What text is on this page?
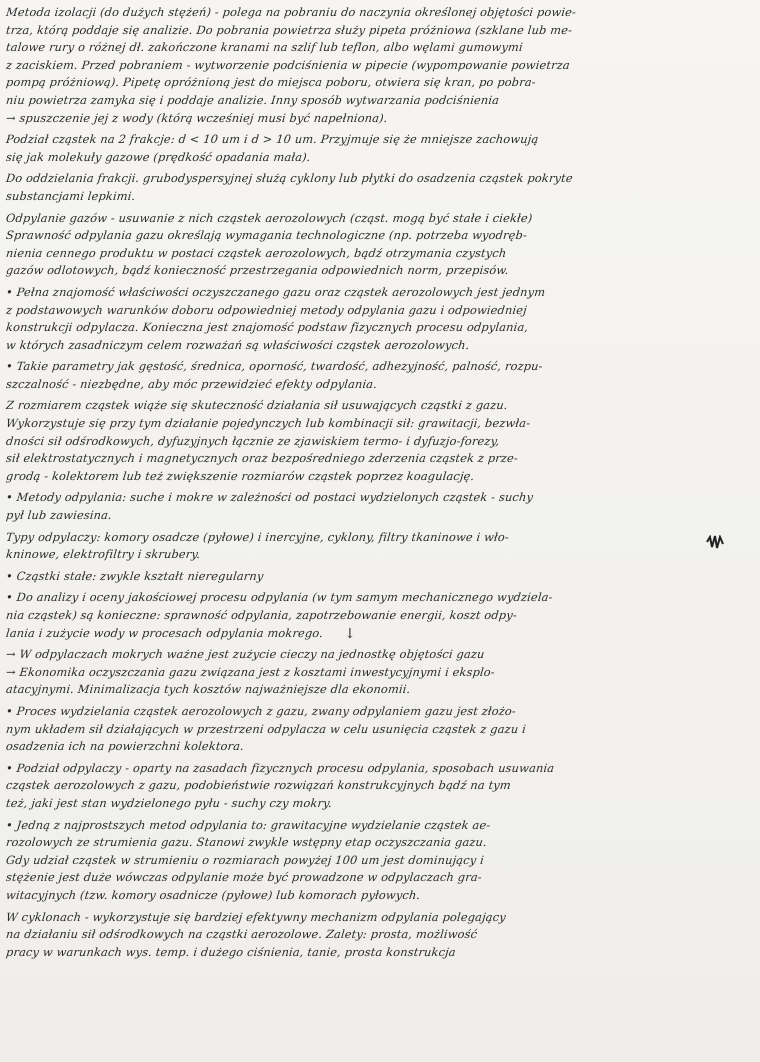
Metoda izolacji (do dużych stężeń) - polega na pobraniu do naczynia określonej objętości powie-
trza, którą poddaje się analizie. Do pobrania powietrza służy pipeta próżniowa (szklane lub me-
talowe rury o różnej dł. zakończone kranami na szlif lub teflon, albo węlami gumowymi
z zaciskiem. Przed pobraniem - wytworzenie podciśnienia w pipecie (wypompowanie powietrza
pompą próżniową). Pipetę opróżnioną jest do miejsca poboru, otwiera się kran, po pobra-
niu powietrza zamyka się i poddaje analizie. Inny sposób wytwarzania podciśnienia
→ spuszczenie jej z wody (którą wcześniej musi być napełniona).
Podział cząstek na 2 frakcje: d < 10 um i d > 10 um. Przyjmuje się że mniejsze zachowują
się jak molekuły gazowe (prędkość opadania mała).
Do oddzielania frakcji. grubodyspersyjnej służą cyklony lub płytki do osadzenia cząstek pokryte
substancjami lepkimi.
Odpylanie gazów - usuwanie z nich cząstek aerozolowych (cząst. mogą być stałe i ciekłe)
Sprawność odpylania gazu określają wymagania technologiczne (np. potrzeba wyodręb-
nienia cennego produktu w postaci cząstek aerozolowych, bądź otrzymania czystych
gazów odlotowych, bądź konieczność przestrzegania odpowiednich norm, przepisów.
• Pełna znajomość właściwości oczyszczanego gazu oraz cząstek aerozolowych jest jednym
z podstawowych warunków doboru odpowiedniej metody odpylania gazu i odpowiedniej
konstrukcji odpylacza. Konieczna jest znajomość podstaw fizycznych procesu odpylania,
w których zasadniczym celem rozważań są właściwości cząstek aerozolowych.
• Takie parametry jak gęstość, średnica, oporność, twardość, adhezyjność, palność, rozpu-
szczalność - niezbędne, aby móc przewidzieć efekty odpylania.
Z rozmiarem cząstek wiąże się skuteczność działania sił usuwających cząstki z gazu.
Wykorzystuje się przy tym działanie pojedynczych lub kombinacji sił: grawitacji, bezwła-
dności sił odśrodkowych, dyfuzyjnych łącznie ze zjawiskiem termo- i dyfuzjo-forezy,
sił elektrostatycznych i magnetycznych oraz bezpośredniego zderzenia cząstek z prze-
grodą - kolektorem lub też zwiększenie rozmiarów cząstek poprzez koagulację.
• Metody odpylania: suche i mokre w zależności od postaci wydzielonych cząstek - suchy
pył lub zawiesina.
Typy odpylaczy: komory osadcze (pyłowe) i inercyjne, cyklony, filtry tkaninowe i wło-
kninowe, elektrofiltry i skrubery.
• Cząstki stałe: zwykle kształt nieregularny
• Do analizy i oceny jakościowej procesu odpylania (w tym samym mechanicznego wydziela-
nia cząstek) są konieczne: sprawność odpylania, zapotrzebowanie energii, koszt odpy-
lania i zużycie wody w procesach odpylania mokrego.
→ W odpylaczach mokrych ważne jest zużycie cieczy na jednostkę objętości gazu
→ Ekonomika oczyszczania gazu związana jest z kosztami inwestycyjnymi i eksplo-
atacyjnymi. Minimalizacja tych kosztów najważniejsze dla ekonomii.
• Proces wydzielania cząstek aerozolowych z gazu, zwany odpylaniem gazu jest złożo-
nym układem sił działających w przestrzeni odpylacza w celu usunięcia cząstek z gazu i
osadzenia ich na powierzchni kolektora.
• Podział odpylaczy - oparty na zasadach fizycznych procesu odpylania, sposobach usuwania
cząstek aerozolowych z gazu, podobieństwie rozwiązań konstrukcyjnych bądź na tym
też, jaki jest stan wydzielonego pyłu - suchy czy mokry.
• Jedną z najprostszych metod odpylania to: grawitacyjne wydzielanie cząstek ae-
rozolowych ze strumienia gazu. Stanowi zwykle wstępny etap oczyszczania gazu.
Gdy udział cząstek w strumieniu o rozmiarach powyżej 100 um jest dominujący i
stężenie jest duże wówczas odpylanie może być prowadzone w odpylaczach gra-
witacyjnych (tzw. komory osadnicze (pyłowe) lub komorach pyłowych.
W cyklonach - wykorzystuje się bardziej efektywny mechanizm odpylania polegający
na działaniu sił odśrodkowych na cząstki aerozolowe. Zalety: prosta, możliwość
pracy w warunkach wys. temp. i dużego ciśnienia, tanie, prosta konstrukcja
↓
